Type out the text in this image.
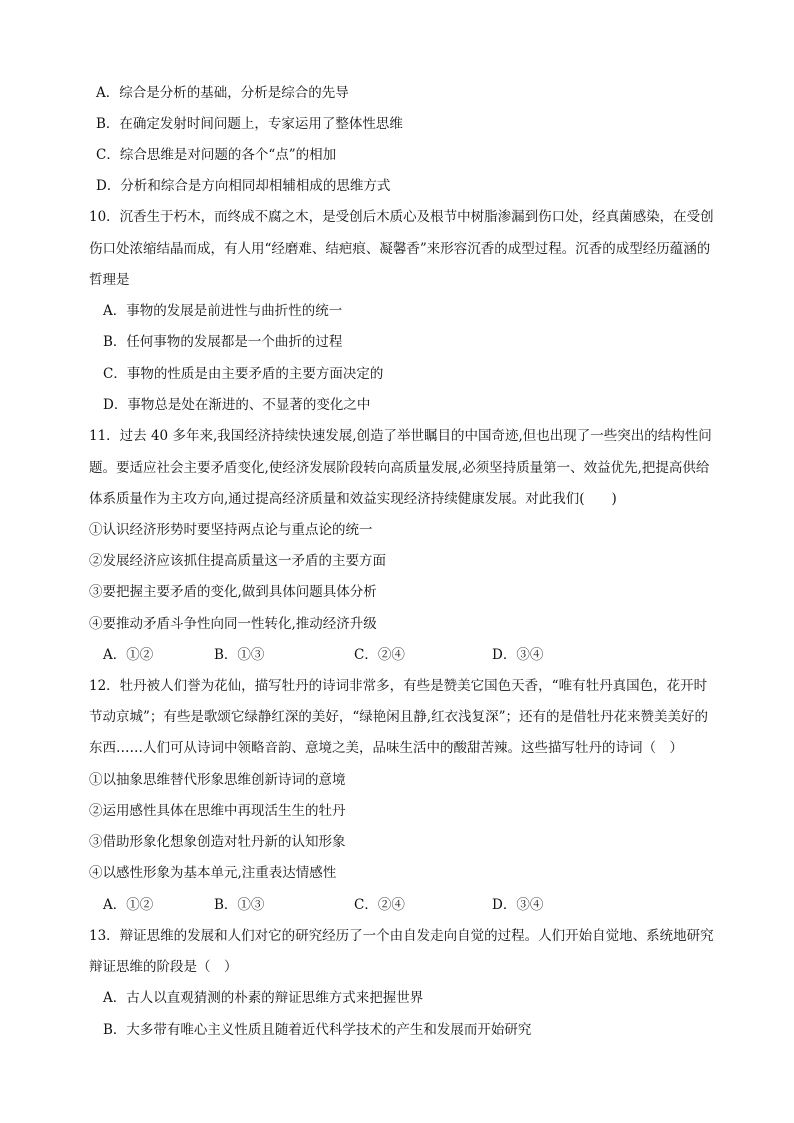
A．综合是分析的基础，分析是综合的先导
B．在确定发射时间问题上，专家运用了整体性思维
C．综合思维是对问题的各个“点”的相加
D．分析和综合是方向相同却相辅相成的思维方式
10．沉香生于朽木，而终成不腐之木，是受创后木质心及根节中树脂渗漏到伤口处，经真菌感染，在受创
伤口处浓缩结晶而成，有人用“经磨难、结疤痕、凝馨香”来形容沉香的成型过程。沉香的成型经历蕴涵的
哲理是
A．事物的发展是前进性与曲折性的统一
B．任何事物的发展都是一个曲折的过程
C．事物的性质是由主要矛盾的主要方面决定的
D．事物总是处在渐进的、不显著的变化之中
11．过去 40 多年来,我国经济持续快速发展,创造了举世瞩目的中国奇迹,但也出现了一些突出的结构性问
题。要适应社会主要矛盾变化,使经济发展阶段转向高质量发展,必须坚持质量第一、效益优先,把提高供给
体系质量作为主攻方向,通过提高经济质量和效益实现经济持续健康发展。对此我们(　　)
①认识经济形势时要坚持两点论与重点论的统一
②发展经济应该抓住提高质量这一矛盾的主要方面
③要把握主要矛盾的变化,做到具体问题具体分析
④要推动矛盾斗争性向同一性转化,推动经济升级
A．①②	B．①③	C．②④	D．③④
12．牡丹被人们誉为花仙，描写牡丹的诗词非常多，有些是赞美它国色天香，“唯有牡丹真国色，花开时
节动京城”；有些是歌颂它绿静红深的美好，“绿艳闲且静,红衣浅复深”；还有的是借牡丹花来赞美美好的
东西……人们可从诗词中领略音韵、意境之美，品味生活中的酸甜苦辣。这些描写牡丹的诗词（　）
①以抽象思维替代形象思维创新诗词的意境
②运用感性具体在思维中再现活生生的牡丹
③借助形象化想象创造对牡丹新的认知形象
④以感性形象为基本单元,注重表达情感性
A．①②	B．①③	C．②④	D．③④
13．辩证思维的发展和人们对它的研究经历了一个由自发走向自觉的过程。人们开始自觉地、系统地研究
辩证思维的阶段是（　）
A．古人以直观猜测的朴素的辩证思维方式来把握世界
B．大多带有唯心主义性质且随着近代科学技术的产生和发展而开始研究
